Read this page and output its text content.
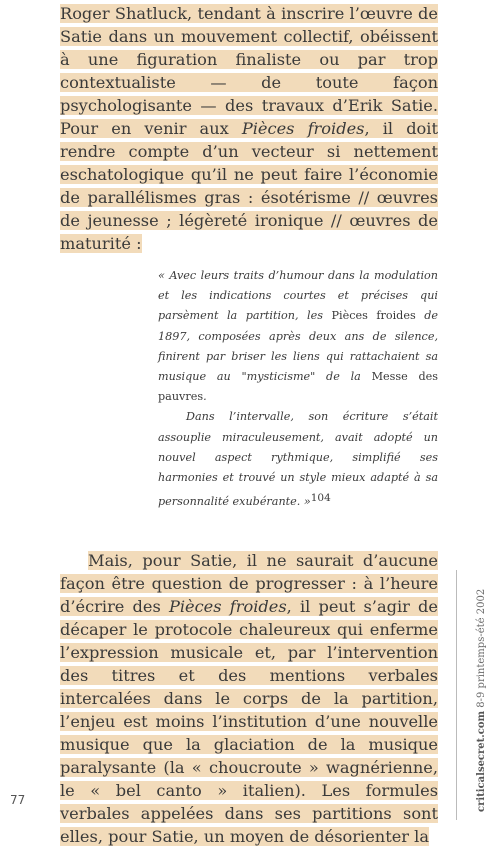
Roger Shatluck, tendant à inscrire l’œuvre de Satie dans un mouvement collectif, obéissent à une figuration finaliste ou par trop contextualiste — de toute façon psychologisante — des travaux d’Erik Satie. Pour en venir aux Pièces froides, il doit rendre compte d’un vecteur si nettement eschatologique qu’il ne peut faire l’économie de parallélismes gras : ésotérisme // œuvres de jeunesse ; légèreté ironique // œuvres de maturité :

« Avec leurs traits d’humour dans la modulation et les indications courtes et précises qui parsèment la partition, les Pièces froides de 1897, composées après deux ans de silence, finirent par briser les liens qui rattachaient sa musique au "mysticisme" de la Messe des pauvres.

Dans l’intervalle, son écriture s’était assouplie miraculeusement, avait adopté un nouvel aspect rythmique, simplifié ses harmonies et trouvé un style mieux adapté à sa personnalité exubérante. »$^{104}$

Mais, pour Satie, il ne saurait d’aucune façon être question de progresser : à l’heure d’écrire des Pièces froides, il peut s’agir de décaper le protocole chaleureux qui enferme l’expression musicale et, par l’intervention des titres et des mentions verbales intercalées dans le corps de la partition, l’enjeu est moins l’institution d’une nouvelle musique que la glaciation de la musique paralysante (la « choucroute » wagnérienne, le « bel canto » italien). Les formules verbales appelées dans ses partitions sont elles, pour Satie, un moyen de désorienter la
77	criticalsecret.com 8-9 printemps-été 2002
